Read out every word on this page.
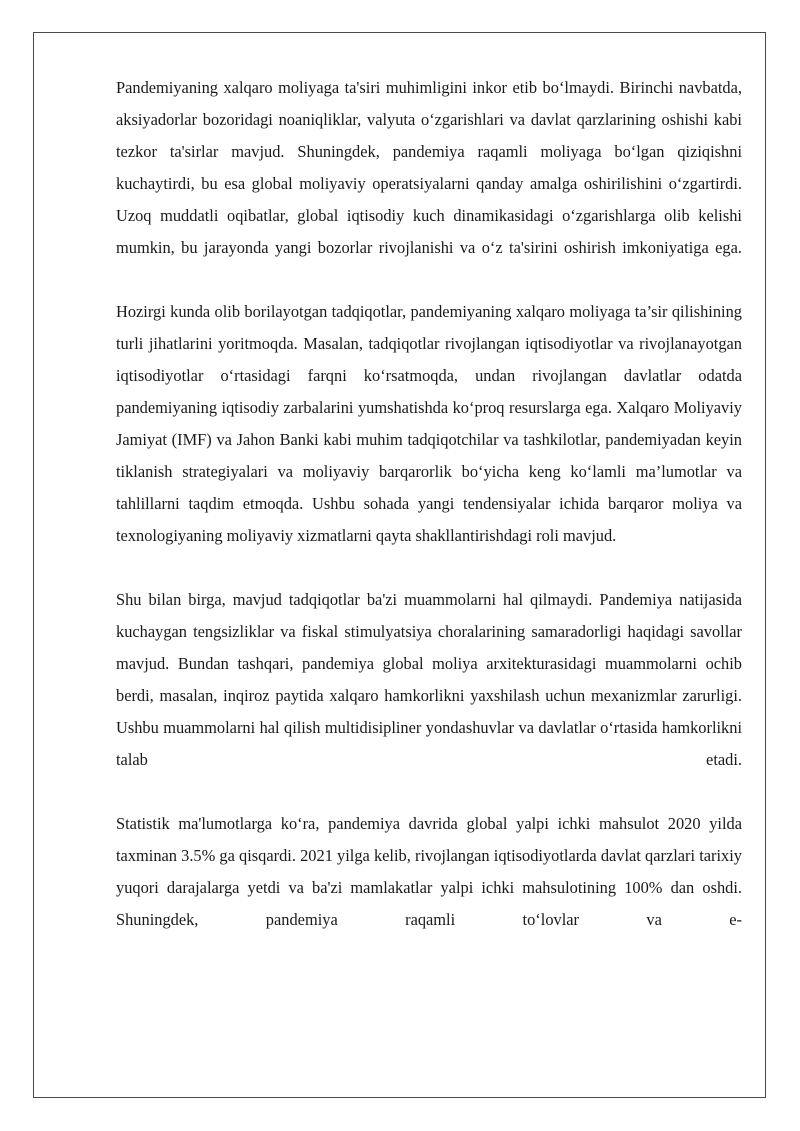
Pandemiyaning xalqaro moliyaga ta'siri muhimligini inkor etib bo‘lmaydi. Birinchi navbatda, aksiyadorlar bozoridagi noaniqliklar, valyuta o‘zgarishlari va davlat qarzlarining oshishi kabi tezkor ta'sirlar mavjud. Shuningdek, pandemiya raqamli moliyaga bo‘lgan qiziqishni kuchaytirdi, bu esa global moliyaviy operatsiyalarni qanday amalga oshirilishini o‘zgartirdi. Uzoq muddatli oqibatlar, global iqtisodiy kuch dinamikasidagi o‘zgarishlarga olib kelishi mumkin, bu jarayonda yangi bozorlar rivojlanishi va o‘z ta'sirini oshirish imkoniyatiga ega.

Hozirgi kunda olib borilayotgan tadqiqotlar, pandemiyaning xalqaro moliyaga ta’sir qilishining turli jihatlarini yoritmoqda. Masalan, tadqiqotlar rivojlangan iqtisodiyotlar va rivojlanayotgan iqtisodiyotlar o‘rtasidagi farqni ko‘rsatmoqda, undan rivojlangan davlatlar odatda pandemiyaning iqtisodiy zarbalarini yumshatishda ko‘proq resurslarga ega. Xalqaro Moliyaviy Jamiyat (IMF) va Jahon Banki kabi muhim tadqiqotchilar va tashkilotlar, pandemiyadan keyin tiklanish strategiyalari va moliyaviy barqarorlik bo‘yicha keng ko‘lamli ma’lumotlar va tahlillarni taqdim etmoqda. Ushbu sohada yangi tendensiyalar ichida barqaror moliya va texnologiyaning moliyaviy xizmatlarni qayta shakllantirishdagi roli mavjud.

Shu bilan birga, mavjud tadqiqotlar ba'zi muammolarni hal qilmaydi. Pandemiya natijasida kuchaygan tengsizliklar va fiskal stimulyatsiya choralarining samaradorligi haqidagi savollar mavjud. Bundan tashqari, pandemiya global moliya arxitekturasidagi muammolarni ochib berdi, masalan, inqiroz paytida xalqaro hamkorlikni yaxshilash uchun mexanizmlar zarurligi. Ushbu muammolarni hal qilish multidisipliner yondashuvlar va davlatlar o‘rtasida hamkorlikni talab etadi.

Statistik ma'lumotlarga ko‘ra, pandemiya davrida global yalpi ichki mahsulot 2020 yilda taxminan 3.5% ga qisqardi. 2021 yilga kelib, rivojlangan iqtisodiyotlarda davlat qarzlari tarixiy yuqori darajalarga yetdi va ba'zi mamlakatlar yalpi ichki mahsulotining 100% dan oshdi. Shuningdek, pandemiya raqamli to‘lovlar va e-
